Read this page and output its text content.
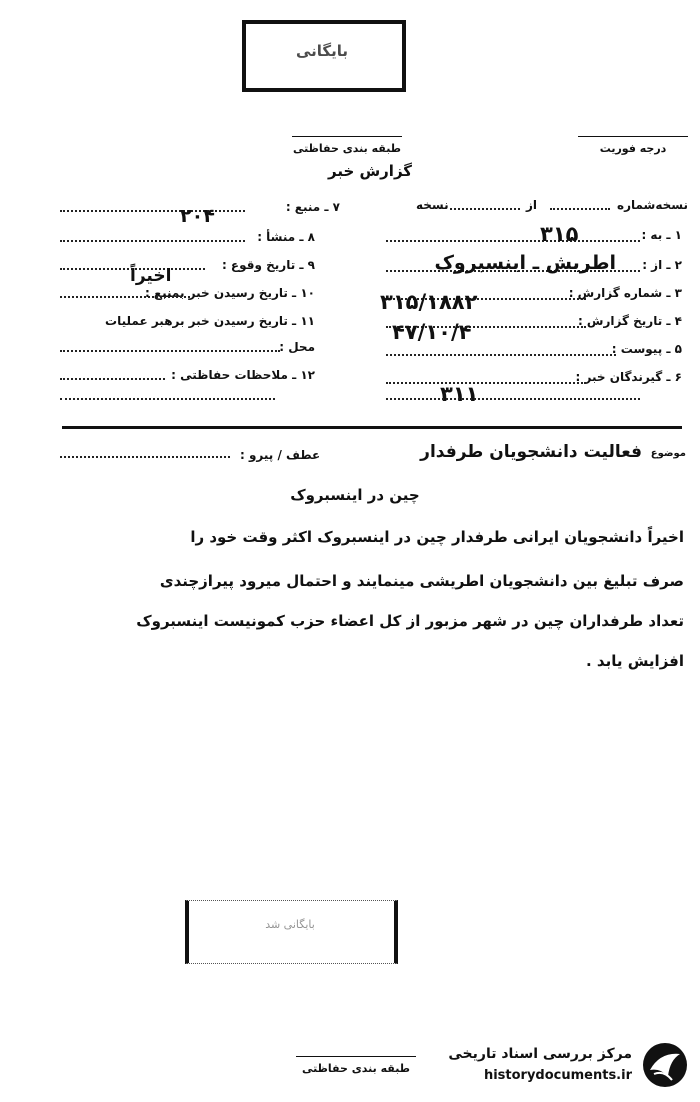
بایگانی
طبقه بندی حفاظتی	درجه فوریت
گزارش خبر
نسخه‌شماره
از
نسخه
۱ ـ به :
۳۱۵
۲ ـ از :
اطریش ـ اینسبروک
۳ ـ شماره گزارش :
۳۱۵/۱۸۸۲
۴ ـ تاریخ گزارش :
۴۷/۱۰/۴
۵ ـ پیوست :
۶ ـ گیرندگان خبر :
۳۱۱
۷ ـ منبع :
۲۰۴
۸ ـ منشأ :
۹ ـ تاریخ وقوع :
۱۰ ـ تاریخ رسیدن خبر بمنبع :
اخیراً
۱۱ ـ تاریخ رسیدن خبر برهبر عملیات
محل :
۱۲ ـ ملاحظات حفاظتی :
موضوع
فعالیت دانشجویان طرفدار
عطف / پیرو :
چین در اینسبروک
اخیراً دانشجویان ایرانی طرفدار چین در اینسبروک اکثر وقت خود را
صرف تبلیغ بین دانشجویان اطریشی مینمایند و احتمال میرود پیرازچندی
تعداد طرفداران چین در شهر مزبور از کل اعضاء حزب کمونیست اینسبروک
افزایش یابد .
بایگانی شد
طبقه بندی حفاظتی
مرکز بررسی اسناد تاریخی
historydocuments.ir
